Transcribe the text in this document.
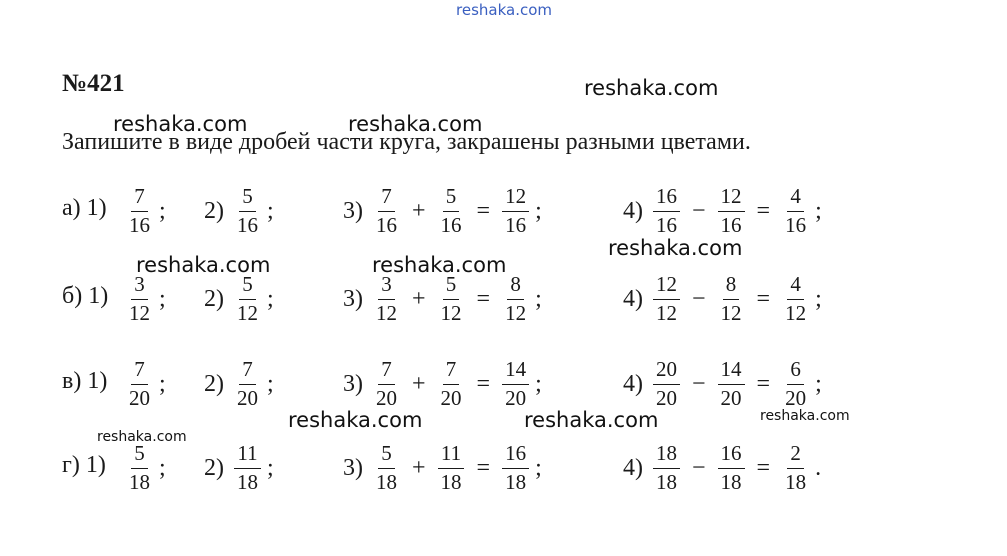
reshaka.com
№421
Запишите в виде дробей части круга, закрашены разными цветами.
а) $1) \frac{7}{16}$ ; $2) \frac{5}{16}$ ;	$3) \frac{7}{16} + \frac{5}{16} = \frac{12}{16}$ ;	$4) \frac{16}{16} - \frac{12}{16} = \frac{4}{16}$ ;
б) $1) \frac{3}{12}$ ; $2) \frac{5}{12}$ ;	$3) \frac{3}{12} + \frac{5}{12} = \frac{8}{12}$ ;	$4) \frac{12}{12} - \frac{8}{12} = \frac{4}{12}$ ;
в) $1) \frac{7}{20}$ ; $2) \frac{7}{20}$ ;	$3) \frac{7}{20} + \frac{7}{20} = \frac{14}{20}$ ;	$4) \frac{20}{20} - \frac{14}{20} = \frac{6}{20}$ ;
г) $1) \frac{5}{18}$ ; $2) \frac{11}{18}$ ;	$3) \frac{5}{18} + \frac{11}{18} = \frac{16}{18}$ ;	$4) \frac{18}{18} - \frac{16}{18} = \frac{2}{18}$ .
reshaka.com
reshaka.com	reshaka.com
reshaka.com
reshaka.com	reshaka.com
reshaka.com	reshaka.com	reshaka.com
reshaka.com
